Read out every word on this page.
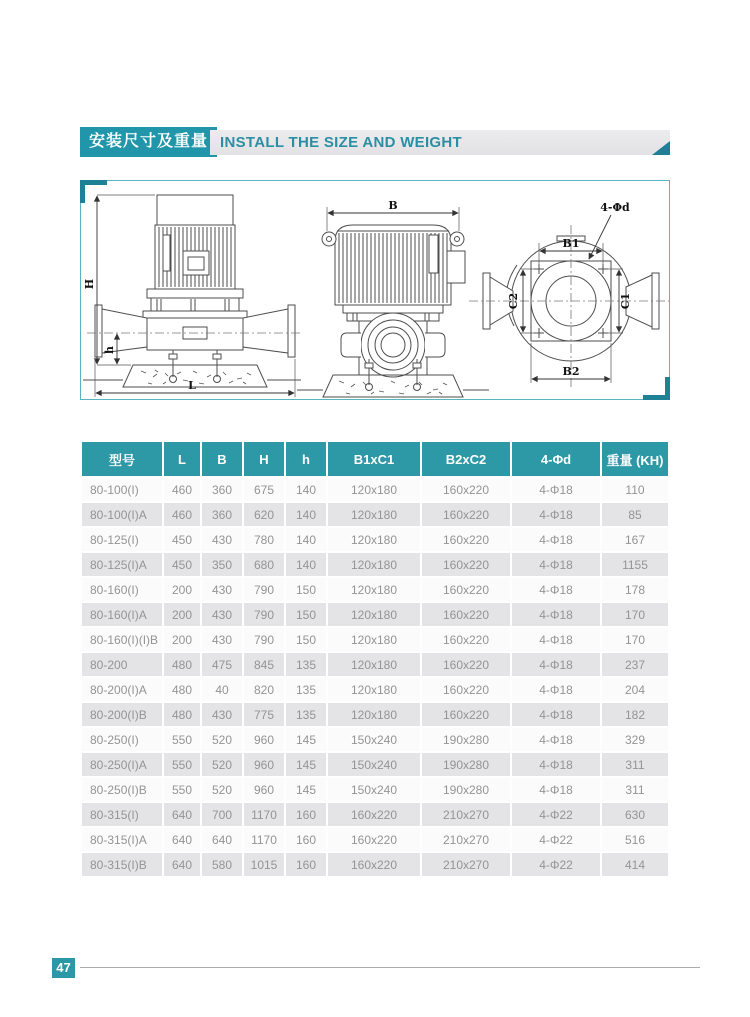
安装尺寸及重量 INSTALL THE SIZE AND WEIGHT
H
h
L
B
B1
B2
C2	C1
4-Φd
型号	L	B	H	h	B1xC1	B2xC2	4-Φd	重量 (KH)
80-100(I)	460	360	675	140	120x180	160x220	4-Φ18	110
80-100(I)A	460	360	620	140	120x180	160x220	4-Φ18	85
80-125(I)	450	430	780	140	120x180	160x220	4-Φ18	167
80-125(I)A	450	350	680	140	120x180	160x220	4-Φ18	1155
80-160(I)	200	430	790	150	120x180	160x220	4-Φ18	178
80-160(I)A	200	430	790	150	120x180	160x220	4-Φ18	170
80-160(I)(I)B	200	430	790	150	120x180	160x220	4-Φ18	170
80-200	480	475	845	135	120x180	160x220	4-Φ18	237
80-200(I)A	480	40	820	135	120x180	160x220	4-Φ18	204
80-200(I)B	480	430	775	135	120x180	160x220	4-Φ18	182
80-250(I)	550	520	960	145	150x240	190x280	4-Φ18	329
80-250(I)A	550	520	960	145	150x240	190x280	4-Φ18	311
80-250(I)B	550	520	960	145	150x240	190x280	4-Φ18	311
80-315(I)	640	700	1170	160	160x220	210x270	4-Φ22	630
80-315(I)A	640	640	1170	160	160x220	210x270	4-Φ22	516
80-315(I)B	640	580	1015	160	160x220	210x270	4-Φ22	414
47
